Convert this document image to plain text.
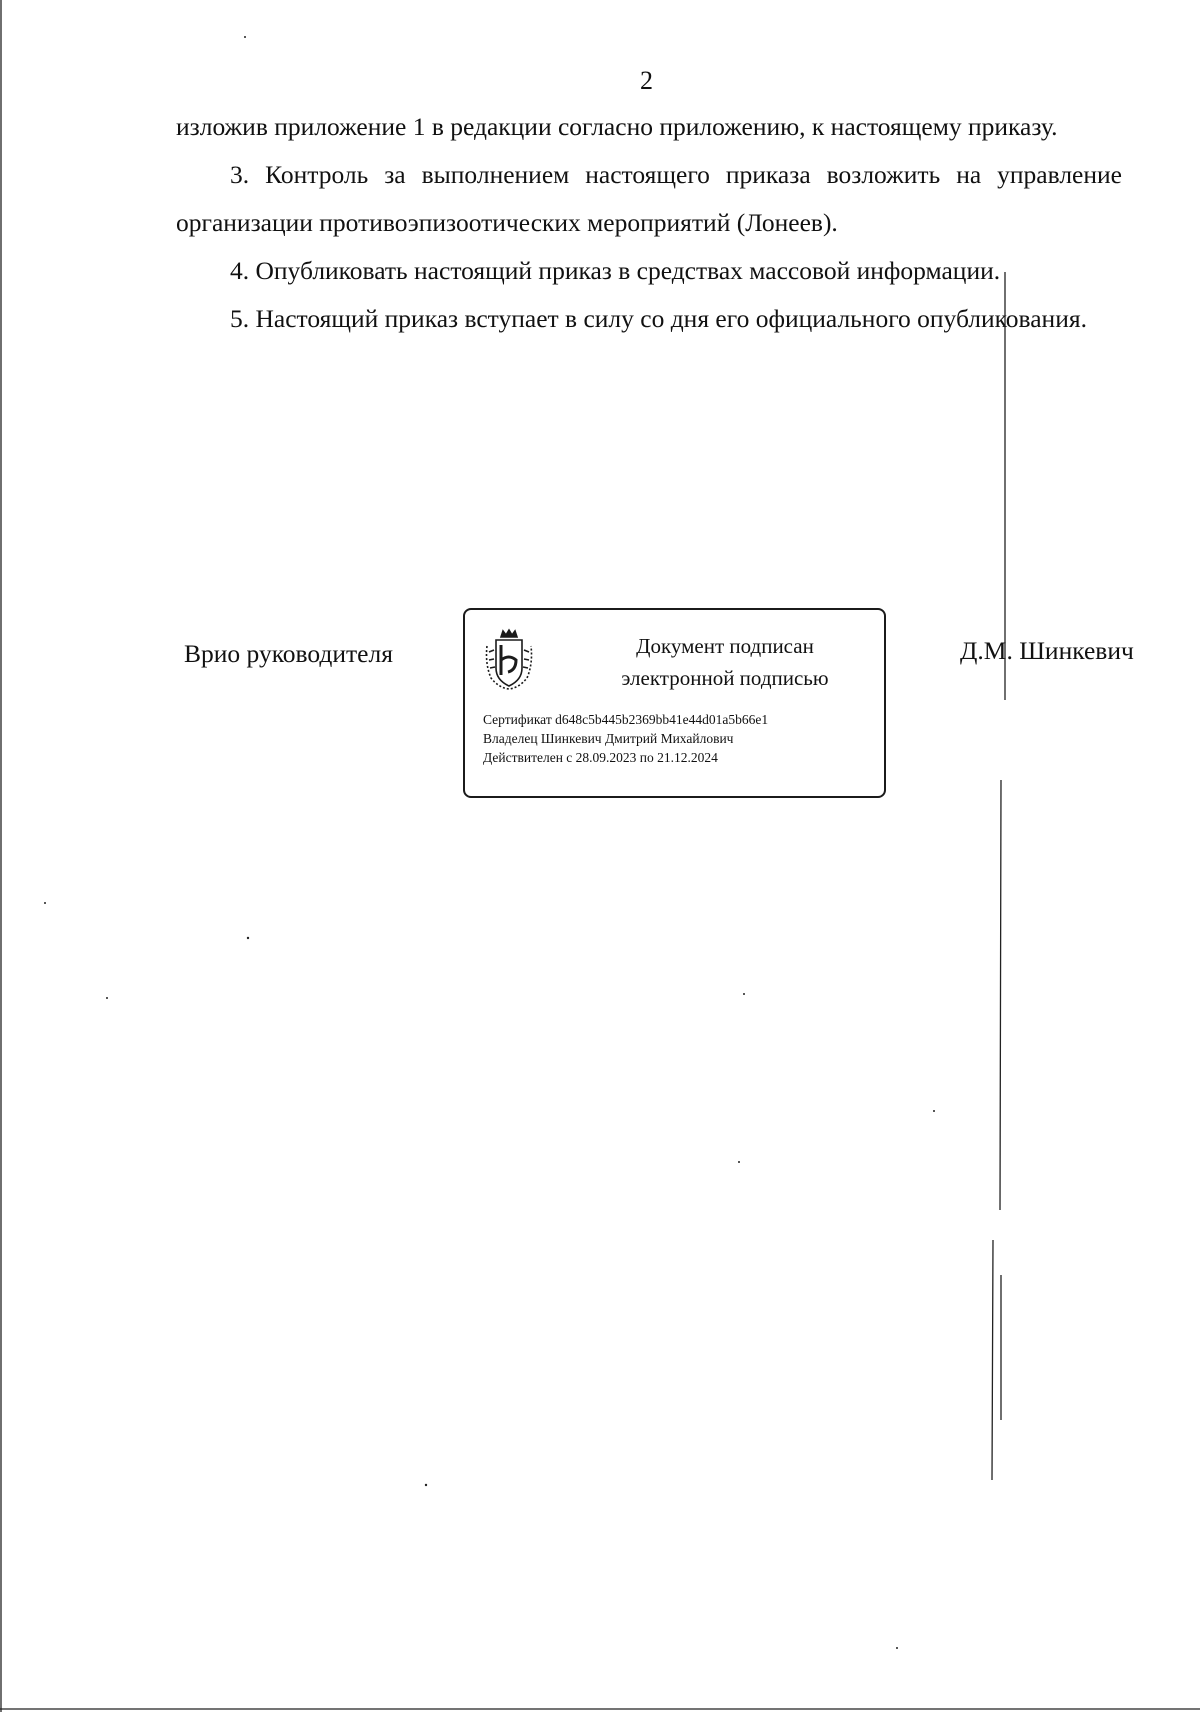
2

изложив приложение 1 в редакции согласно приложению, к настоящему приказу.

3. Контроль за выполнением настоящего приказа возложить на управление организации противоэпизоотических мероприятий (Лонеев).

4. Опубликовать настоящий приказ в средствах массовой информации.

5. Настоящий приказ вступает в силу со дня его официального опубликования.

Врио руководителя	Документ подписан
электронной подписью
Сертификат d648c5b445b2369bb41e44d01a5b66e1
Владелец Шинкевич Дмитрий Михайлович
Действителен с 28.09.2023 по 21.12.2024
Д.М. Шинкевич
